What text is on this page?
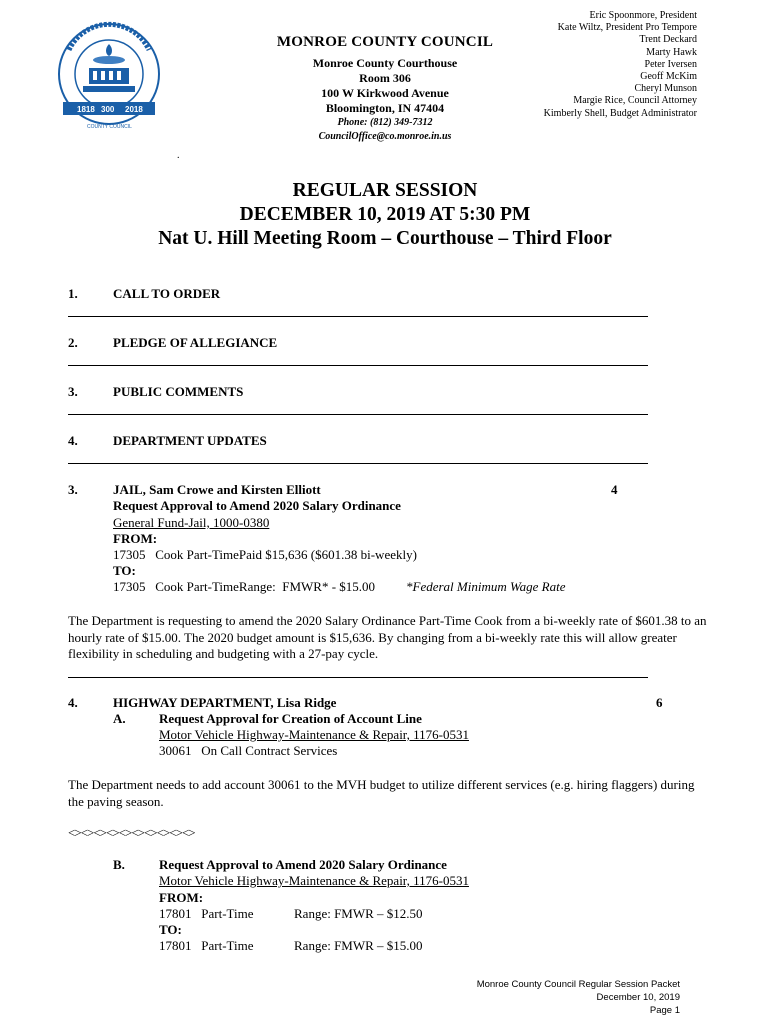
1818 300 2018
COUNTY COUNCIL
MONROE COUNTY COUNCIL
Monroe County Courthouse
Room 306
100 W Kirkwood Avenue
Bloomington, IN 47404
Phone: (812) 349-7312
CouncilOffice@co.monroe.in.us
Eric Spoonmore, President
Kate Wiltz, President Pro Tempore
Trent Deckard
Marty Hawk
Peter Iversen
Geoff McKim
Cheryl Munson
Margie Rice, Council Attorney
Kimberly Shell, Budget Administrator
.
REGULAR SESSION
DECEMBER 10, 2019 AT 5:30 PM
Nat U. Hill Meeting Room – Courthouse – Third Floor
1.	CALL TO ORDER
2.	PLEDGE OF ALLEGIANCE
3.	PUBLIC COMMENTS
4.	DEPARTMENT UPDATES
3.	JAIL, Sam Crowe and Kirsten Elliott	4
Request Approval to Amend 2020 Salary Ordinance
General Fund-Jail, 1000-0380
FROM:
17305   Cook Part-TimePaid $15,636 ($601.38 bi-weekly)
TO:
17305   Cook Part-TimeRange:  FMWR* - $15.00 *Federal Minimum Wage Rate
The Department is requesting to amend the 2020 Salary Ordinance Part-Time Cook from a bi-weekly rate of $601.38 to an hourly rate of $15.00. The 2020 budget amount is $15,636. By changing from a bi-weekly rate this will allow greater flexibility in scheduling and budgeting with a 27-pay cycle.
4.	HIGHWAY DEPARTMENT, Lisa Ridge	6
A.	Request Approval for Creation of Account Line
Motor Vehicle Highway-Maintenance & Repair, 1176-0531
30061   On Call Contract Services
The Department needs to add account 30061 to the MVH budget to utilize different services (e.g. hiring flaggers) during the paving season.
<><><><><><><><><><>
B.	Request Approval to Amend 2020 Salary Ordinance
Motor Vehicle Highway-Maintenance & Repair, 1176-0531
FROM:
17801   Part-Time	Range: FMWR – $12.50
TO:
17801   Part-Time	Range: FMWR – $15.00
Monroe County Council Regular Session Packet
December 10, 2019
Page 1
